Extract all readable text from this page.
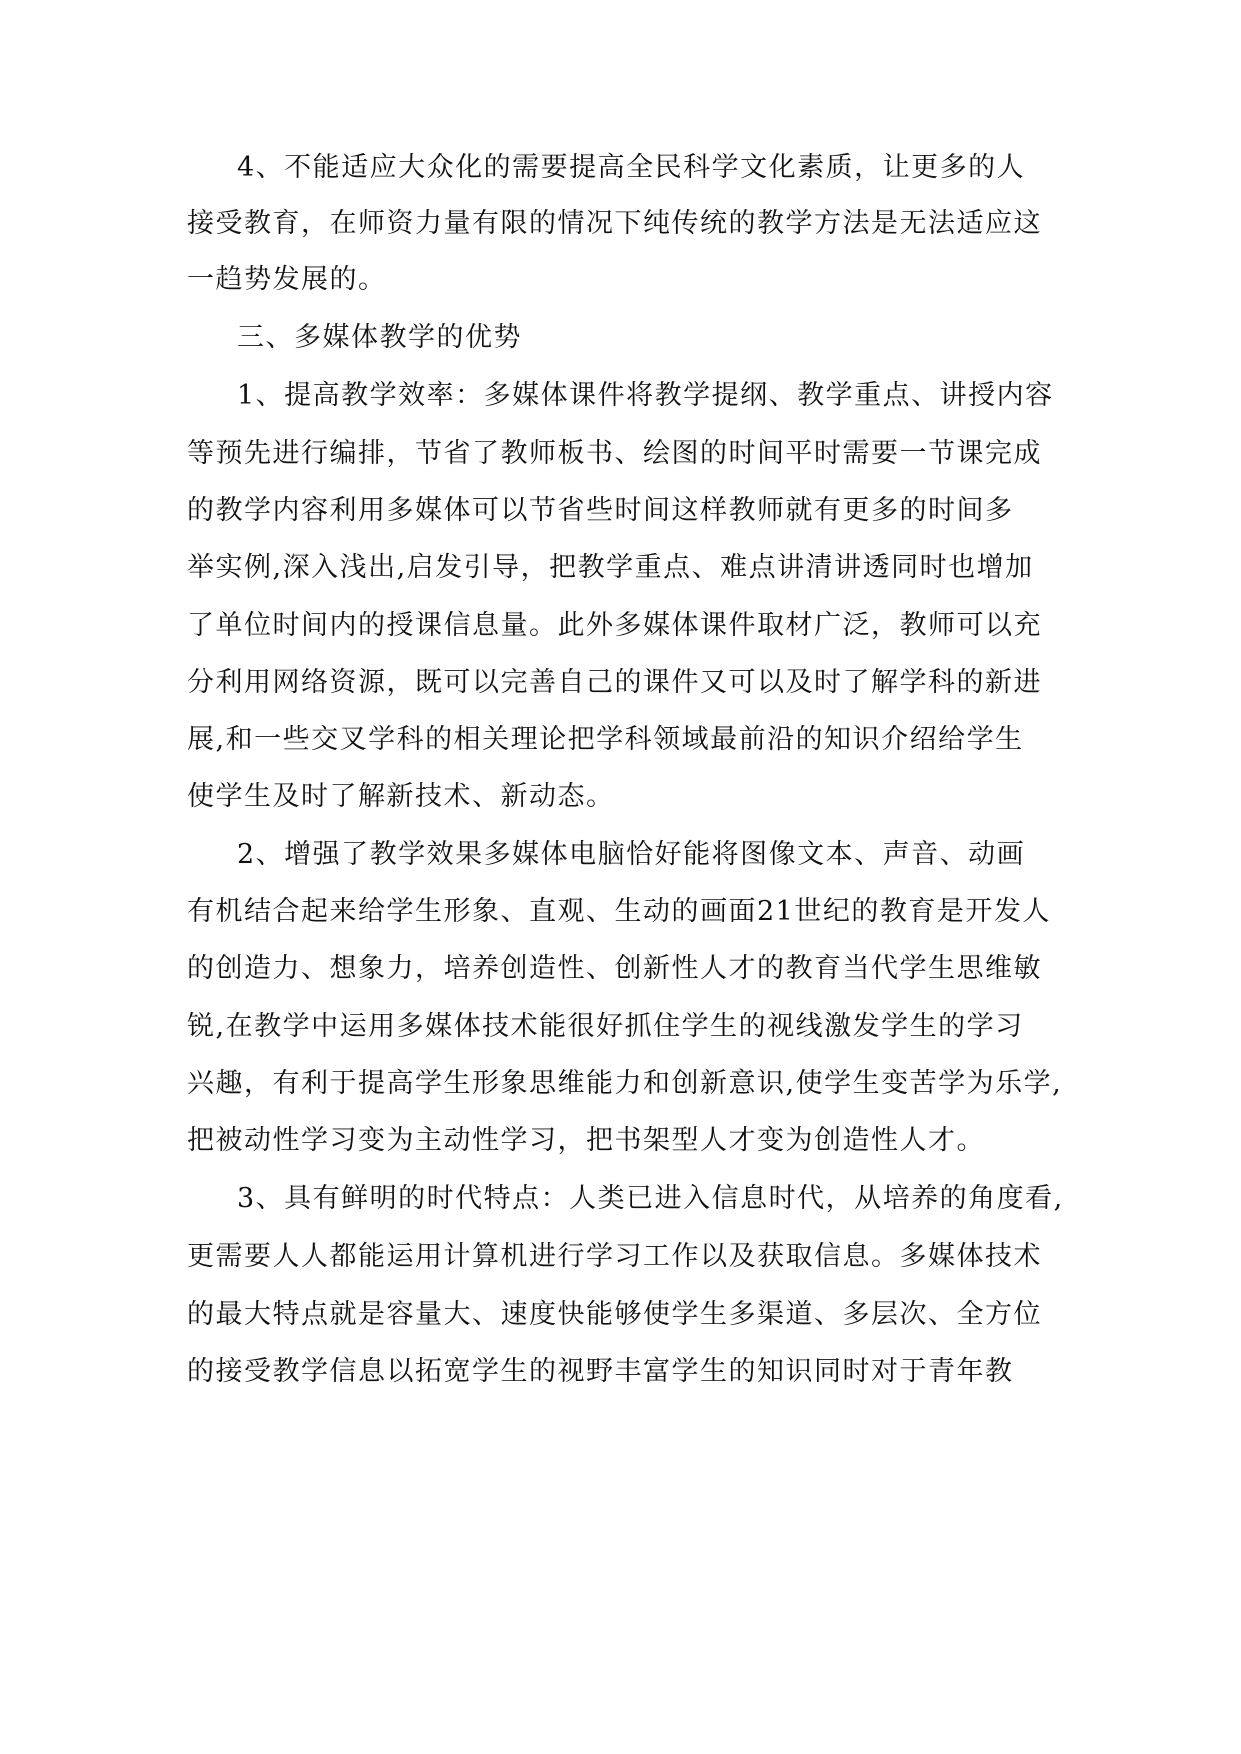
4、不能适应大众化的需要提高全民科学文化素质，让更多的人
接受教育，在师资力量有限的情况下纯传统的教学方法是无法适应这
一趋势发展的。
三、多媒体教学的优势
1、提高教学效率：多媒体课件将教学提纲、教学重点、讲授内容
等预先进行编排，节省了教师板书、绘图的时间平时需要一节课完成
的教学内容利用多媒体可以节省些时间这样教师就有更多的时间多
举实例,深入浅出,启发引导，把教学重点、难点讲清讲透同时也增加
了单位时间内的授课信息量。此外多媒体课件取材广泛，教师可以充
分利用网络资源，既可以完善自己的课件又可以及时了解学科的新进
展,和一些交叉学科的相关理论把学科领域最前沿的知识介绍给学生
使学生及时了解新技术、新动态。
2、增强了教学效果多媒体电脑恰好能将图像文本、声音、动画
有机结合起来给学生形象、直观、生动的画面21世纪的教育是开发人
的创造力、想象力，培养创造性、创新性人才的教育当代学生思维敏
锐,在教学中运用多媒体技术能很好抓住学生的视线激发学生的学习
兴趣，有利于提高学生形象思维能力和创新意识,使学生变苦学为乐学,
把被动性学习变为主动性学习，把书架型人才变为创造性人才。
3、具有鲜明的时代特点：人类已进入信息时代，从培养的角度看,
更需要人人都能运用计算机进行学习工作以及获取信息。多媒体技术
的最大特点就是容量大、速度快能够使学生多渠道、多层次、全方位
的接受教学信息以拓宽学生的视野丰富学生的知识同时对于青年教
